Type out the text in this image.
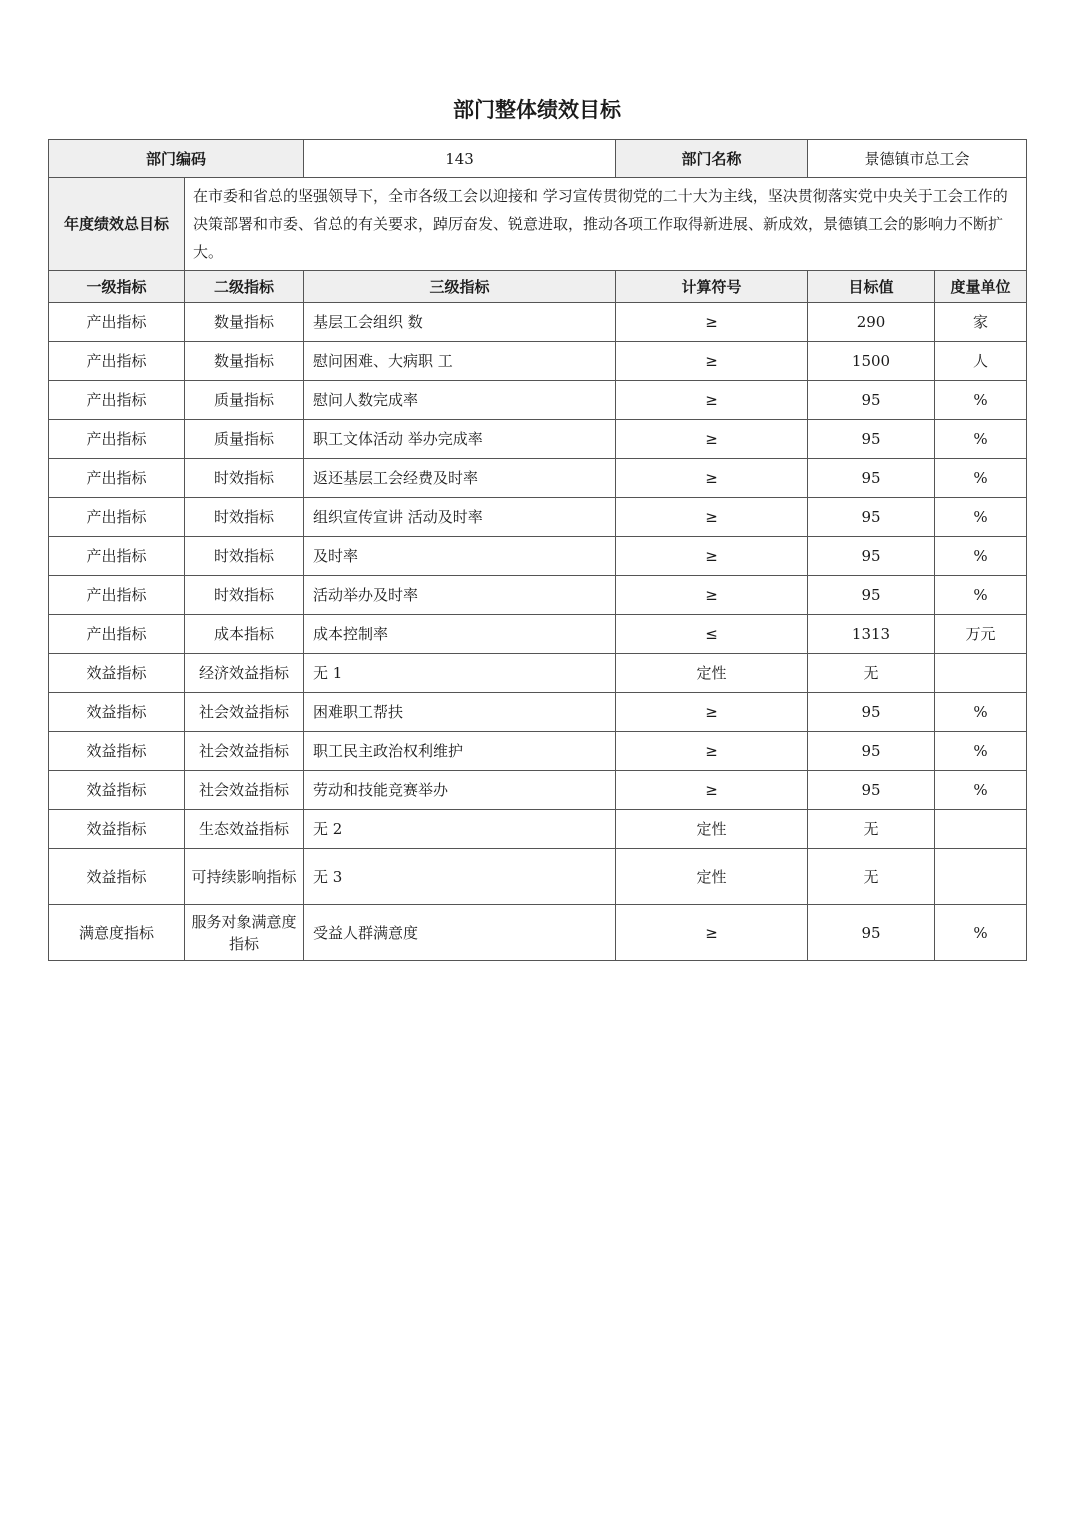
部门整体绩效目标
部门编码		143	部门名称	景德镇市总工会	
年度绩效总目标	在市委和省总的坚强领导下，全市各级工会以迎接和 学习宣传贯彻党的二十大为主线，坚决贯彻落实党中央关于工会工作的决策部署和市委、省总的有关要求，踔厉奋发、锐意进取，推动各项工作取得新进展、新成效，景德镇工会的影响力不断扩大。				
一级指标	二级指标	三级指标	计算符号	目标值	度量单位
产出指标	数量指标	基层工会组织 数	≥	290	家
产出指标	数量指标	慰问困难、大病职 工	≥	1500	人
产出指标	质量指标	慰问人数完成率	≥	95	%
产出指标	质量指标	职工文体活动 举办完成率	≥	95	%
产出指标	时效指标	返还基层工会经费及时率	≥	95	%
产出指标	时效指标	组织宣传宣讲 活动及时率	≥	95	%
产出指标	时效指标	及时率	≥	95	%
产出指标	时效指标	活动举办及时率	≥	95	%
产出指标	成本指标	成本控制率	≤	1313	万元
效益指标	经济效益指标	无 1	定性	无	
效益指标	社会效益指标	困难职工帮扶	≥	95	%
效益指标	社会效益指标	职工民主政治权利维护	≥	95	%
效益指标	社会效益指标	劳动和技能竞赛举办	≥	95	%
效益指标	生态效益指标	无 2	定性	无	
效益指标	可持续影响指标	无 3	定性	无	
满意度指标	服务对象满意度指标	受益人群满意度	≥	95	%
